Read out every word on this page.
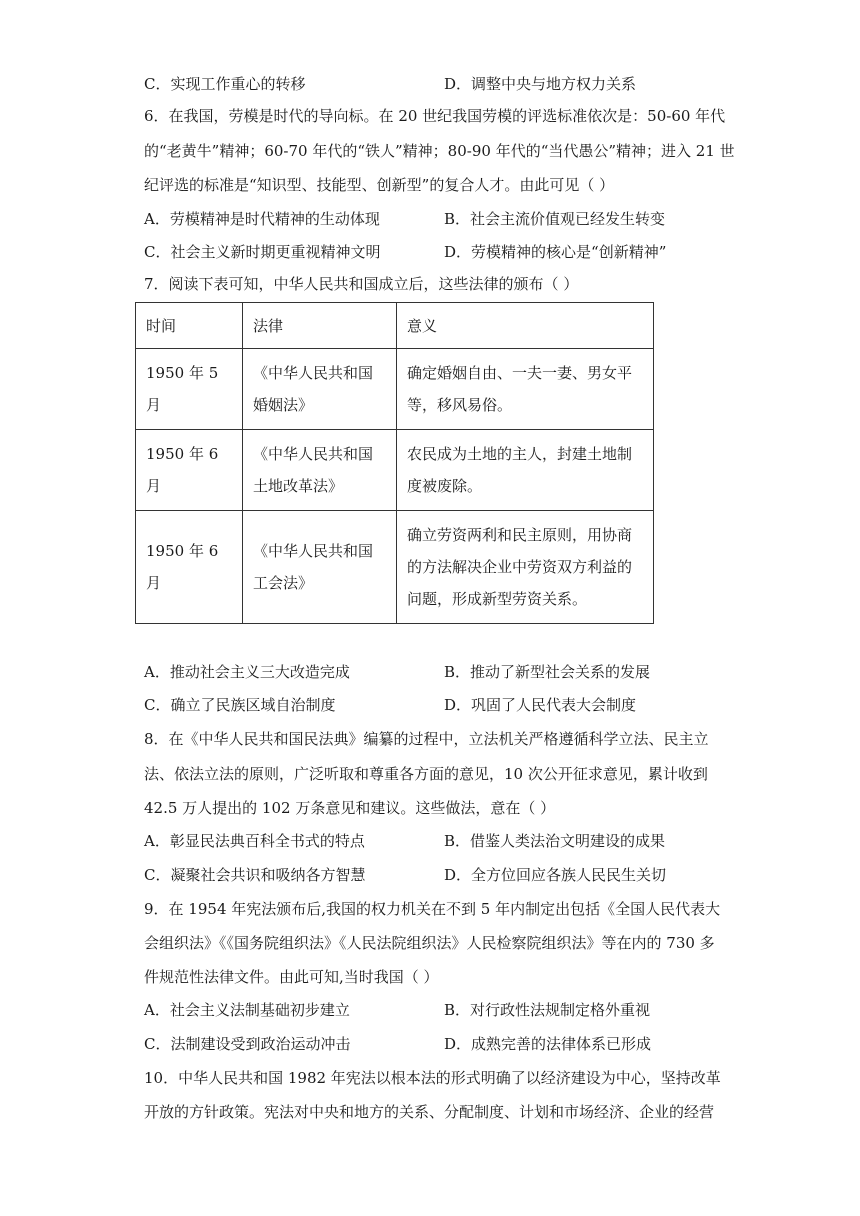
C．实现工作重心的转移	D．调整中央与地方权力关系
6．在我国，劳模是时代的导向标。在 20 世纪我国劳模的评选标准依次是：50-60 年代
的“老黄牛”精神；60-70 年代的“铁人”精神；80-90 年代的“当代愚公”精神；进入 21 世
纪评选的标准是“知识型、技能型、创新型”的复合人才。由此可见（ ）
A．劳模精神是时代精神的生动体现	B．社会主流价值观已经发生转变
C．社会主义新时期更重视精神文明	D．劳模精神的核心是“创新精神”
7．阅读下表可知，中华人民共和国成立后，这些法律的颁布（ ）
时间	法律	意义
1950 年 5 月	《中华人民共和国婚姻法》	确定婚姻自由、一夫一妻、男女平等，移风易俗。
1950 年 6 月	《中华人民共和国土地改革法》	农民成为土地的主人，封建土地制度被废除。
1950 年 6 月	《中华人民共和国工会法》	确立劳资两利和民主原则，用协商的方法解决企业中劳资双方利益的问题，形成新型劳资关系。
A．推动社会主义三大改造完成	B．推动了新型社会关系的发展
C．确立了民族区域自治制度	D．巩固了人民代表大会制度
8．在《中华人民共和国民法典》编纂的过程中，立法机关严格遵循科学立法、民主立
法、依法立法的原则，广泛听取和尊重各方面的意见，10 次公开征求意见，累计收到
42.5 万人提出的 102 万条意见和建议。这些做法，意在（ ）
A．彰显民法典百科全书式的特点	B．借鉴人类法治文明建设的成果
C．凝聚社会共识和吸纳各方智慧	D．全方位回应各族人民民生关切
9．在 1954 年宪法颁布后,我国的权力机关在不到 5 年内制定出包括《全国人民代表大
会组织法》《《国务院组织法》《人民法院组织法》人民检察院组织法》等在内的 730 多
件规范性法律文件。由此可知,当时我国（ ）
A．社会主义法制基础初步建立	B．对行政性法规制定格外重视
C．法制建设受到政治运动冲击	D．成熟完善的法律体系已形成
10．中华人民共和国 1982 年宪法以根本法的形式明确了以经济建设为中心，坚持改革
开放的方针政策。宪法对中央和地方的关系、分配制度、计划和市场经济、企业的经营
